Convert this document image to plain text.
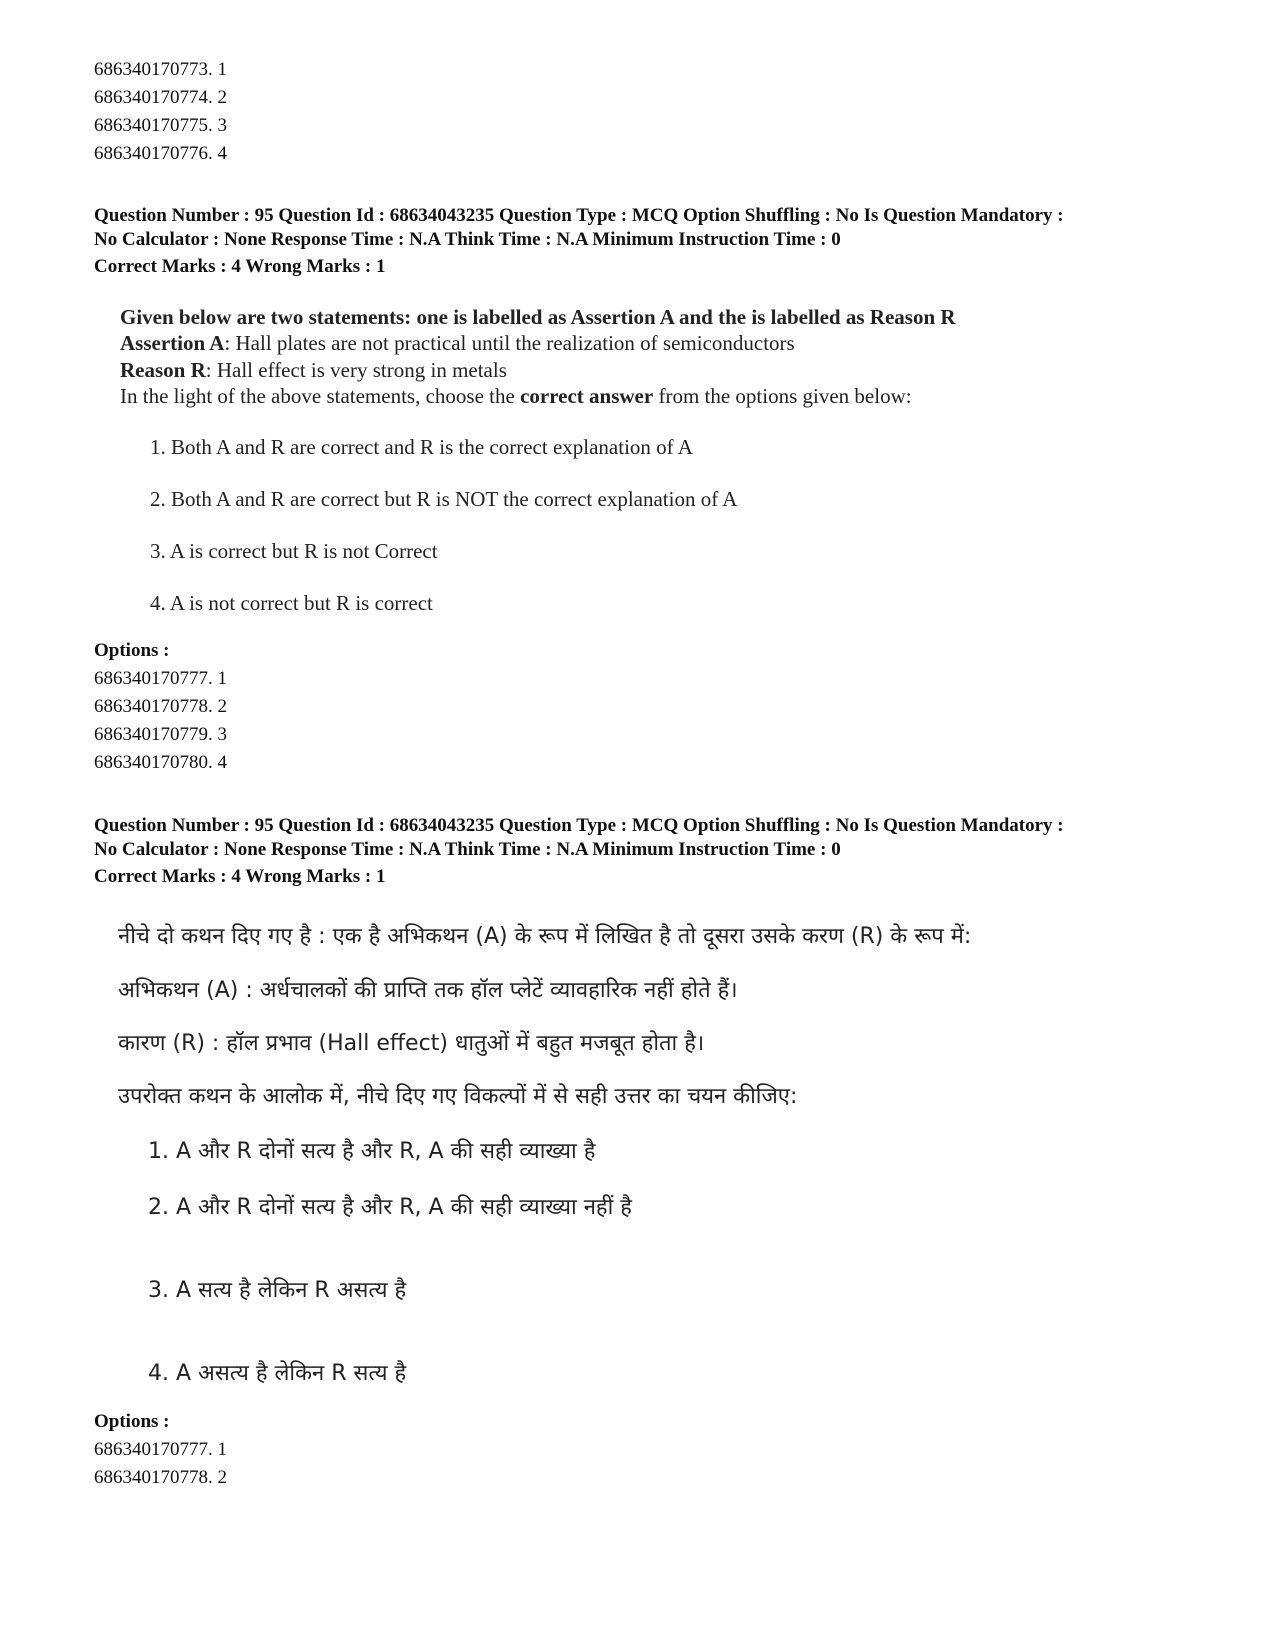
686340170773. 1
686340170774. 2
686340170775. 3
686340170776. 4
Question Number : 95 Question Id : 68634043235 Question Type : MCQ Option Shuffling : No Is Question Mandatory :
No Calculator : None Response Time : N.A Think Time : N.A Minimum Instruction Time : 0
Correct Marks : 4 Wrong Marks : 1
Given below are two statements: one is labelled as Assertion A and the is labelled as Reason R
Assertion A: Hall plates are not practical until the realization of semiconductors
Reason R: Hall effect is very strong in metals
In the light of the above statements, choose the correct answer from the options given below:
1. Both A and R are correct and R is the correct explanation of A
2. Both A and R are correct but R is NOT the correct explanation of A
3. A is correct but R is not Correct
4. A is not correct but R is correct
Options :
686340170777. 1
686340170778. 2
686340170779. 3
686340170780. 4
Question Number : 95 Question Id : 68634043235 Question Type : MCQ Option Shuffling : No Is Question Mandatory :
No Calculator : None Response Time : N.A Think Time : N.A Minimum Instruction Time : 0
Correct Marks : 4 Wrong Marks : 1
नीचे दो कथन दिए गए है : एक है अभिकथन (A) के रूप में लिखित है तो दूसरा उसके करण (R) के रूप में:
अभिकथन (A) : अर्धचालकों की प्राप्ति तक हॉल प्लेटें व्यावहारिक नहीं होते हैं।
कारण (R) : हॉल प्रभाव (Hall effect) धातुओं में बहुत मजबूत होता है।
उपरोक्त कथन के आलोक में, नीचे दिए गए विकल्पों में से सही उत्तर का चयन कीजिए:
1. A और R दोनों सत्य है और R, A की सही व्याख्या है
2. A और R दोनों सत्य है और R, A की सही व्याख्या नहीं है
3. A सत्य है लेकिन R असत्य है
4. A असत्य है लेकिन R सत्य है
Options :
686340170777. 1
686340170778. 2
